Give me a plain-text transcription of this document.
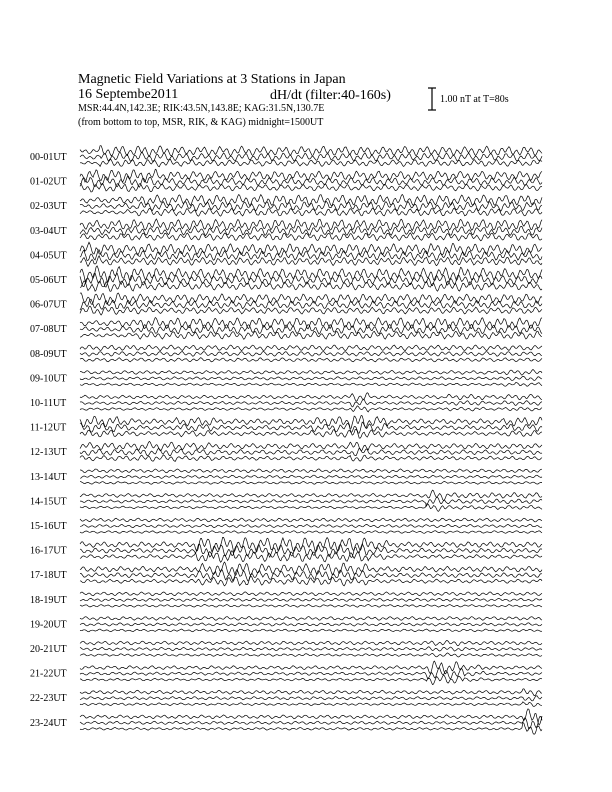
Magnetic Field Variations at 3 Stations in Japan
16 Septembe2011	dH/dt (filter:40-160s)
MSR:44.4N,142.3E; RIK:43.5N,143.8E; KAG:31.5N,130.7E
(from bottom to top, MSR, RIK, & KAG) midnight=1500UT
1.00 nT at T=80s
00-01UT
01-02UT
02-03UT
03-04UT
04-05UT
05-06UT
06-07UT
07-08UT
08-09UT
09-10UT
10-11UT
11-12UT
12-13UT
13-14UT
14-15UT
15-16UT
16-17UT
17-18UT
18-19UT
19-20UT
20-21UT
21-22UT
22-23UT
23-24UT
